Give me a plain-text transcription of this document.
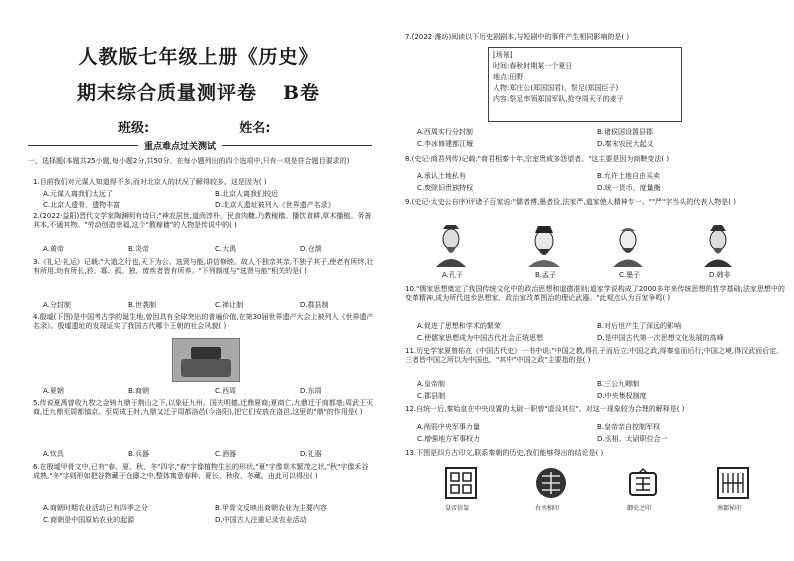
人教版七年级上册《历史》
期末综合质量测评卷 B卷
班级:	姓名:
重点难点过关测试
一、选择题(本题共25小题,每小题2分,共50分。在每小题列出的四个选项中,只有一项是符合题目要求的)
1.目前我们对元谋人知道得不多,而对北京人的状况了解得较多。这是因为( )
A.元谋人离我们太远了	B.北京人离我们较近
C.北京人遗骨、遗物丰富	D.北京人遗址被列入《世界遗产名录》
2.(2022·益阳)晋代文学家陶渊明有诗曰:"神农居世,道尚淳朴。民食肉糠,乃教稼穑。播饮食耕,草木播植。务善其本,不通其物。"劳动创造幸福,这个"教稼穑"的人物是传说中的( )
A.黄帝	B.炎帝	C.大禹	D.仓颉
3.《礼记·礼运》记载:"大道之行也,天下为公。选贤与能,讲信修睦。故人不独亲其亲,不独子其子,使老有所终,壮有所用,幼有所长,矜、寡、孤、独、废疾者皆有所养。"下列制度与"选贤与能"相关的是( )
A.分封制	B.世袭制	C.禅让制	D.郡县制
4.殷墟(下图)是中国考古学的诞生地,曾因具有全球突出的普遍价值,在第30届世界遗产大会上被列入《世界遗产名录》。殷墟遗址的发现证实了我国古代哪个王朝的社会风貌( )
A.夏朝	B.商朝	C.西周	D.东周
5.传说夏禹曾收九牧之金铸九鼎于荆山之下,以象征九州。国夫明德,迁鼎夏商;夏商亡,九鼎迁于商都亳;周武王灭商,迁九鼎至周都镐京。至周成王时,九鼎又迁于周都洛邑(今洛阳),把它们安放在洛邑,这里的"鼎"的作用是( )
A.炊具	B.兵器	C.酒器	D.礼器
6.在殷墟甲骨文中,已有"春、夏、秋、冬"四字,"春"字像植物生长的形状,"夏"字像草木繁茂之状,"秋"字像禾谷成熟,"冬"字则形如把谷物藏于仓廪之中,整体寓意春种、夏长、秋收、冬藏。由此可以得出( )
A.商朝时期农业活动已有四季之分	B.甲骨文反映出商朝农业为主要内容
C.商朝是中国原始农业的起源	D.中国古人注重记录农业活动
7.(2022·潍坊)阅读以下历史剧剧本,与短剧中的事件产生相同影响的是( )
[场景]
时间:春秋时期某一个夏日
地点:田野
人物:郑庄公(郑国国君)、祭足(郑国臣子)
内容:祭足率领郑国军队,抢夺周天子的麦子
A.西周实行分封制	B.诸侯国设置县郡
C.李冰修建都江堰	D.秦末农民大起义
8.(史记·商君列传)记载:"商君相秦十年,宗室贵戚多怨望者。"这主要是因为商鞅变法( )
A.承认土地私有	B.允许土地自由买卖
C.废除旧贵族特权	D.统一货币、度量衡
9.(史记·太史公自序)评诸子百家说:"儒者博,墨者俭,法家严,道家使人精神专一。""严"字当头的代表人物是( )
A.孔子	B.孟子	C.墨子	D.韩非
10."儒家思想奠定了我国传统文化中的政治思想和道德准则;道家学说构成了2000多年来传统思想的哲学基础;法家思想中的变革精神,成为所代进步思想家、政治家改革图治的理论武器。"此观点认为百家争鸣( )
A.促进了思想和学术的繁荣	B.对后世产生了深远的影响
C.使儒家思想成为中国古代社会正统思想	D.是中国古代第一次思想文化发展的高峰
11.历史学家夏曾佑在《中国古代史》一书中说:"中国之教,得孔子而后立;中国之政,得秦皇而后行;中国之境,得汉武而后定。三者皆中国之所以为中国也。"其中"中国之政"主要指的是( )
A.皇帝制	B.三公九卿制
C.郡县制	D.中央集权制度
12.自统一后,秦始皇在中央设置的太尉一职曾"虚设其位"。对这一现象较为合理的解释是( )
A.削弱中央军事力量	B.皇帝亲自控制军权
C.增强地方军事权力	D.丞相、太尉职位合一
13.下图是四方古印文,联系秦朝的历史,我们能够得出的结论是( )
皇帝信玺	右丞相印	御史之印	南郡侯印
